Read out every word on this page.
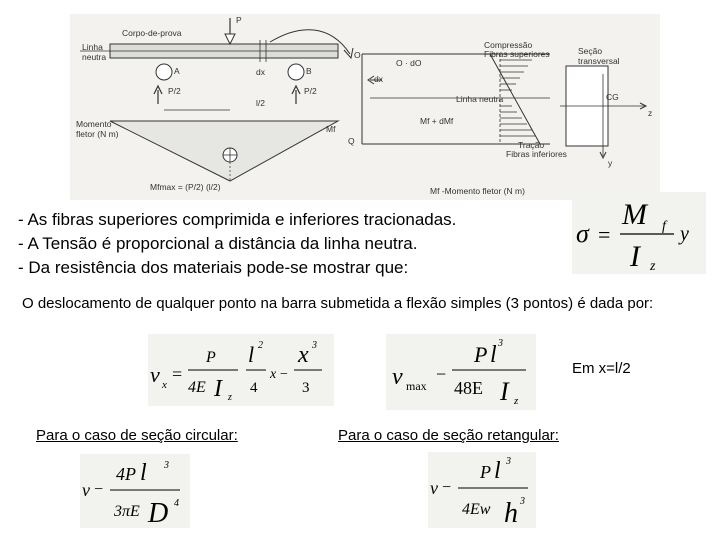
Corpo-de-prova
P
Linha
neutra
A	dx	B
P/2	P/2
l/2
Momento
fletor (N m)
Mfmax = (P/2) (l/2)
O
O · dO
dx
Mf
Mf + dMf
Q
Linha neutra
Compressão
Fibras superiores
Tração
Fibras inferiores
Seção
transversal
CG
z
y
Mf -Momento fletor (N m)
- As fibras superiores comprimida e inferiores tracionadas.
- A Tensão é proporcional a distância da linha neutra.
- Da resistência dos materiais pode-se mostrar que:
σ =
M f
I z
y
O deslocamento de qualquer ponto na barra submetida a flexão simples (3 pontos) é dada por:
v x
=
P
4E I z
l 2
4
x −
x 3
3	v max
−
P l 3
48E I z
Em x=l/2
Para o caso de seção circular:
v −
4P l 3
3πE D 4
Para o caso de seção retangular:
v −
P l 3
4Ew h 3
